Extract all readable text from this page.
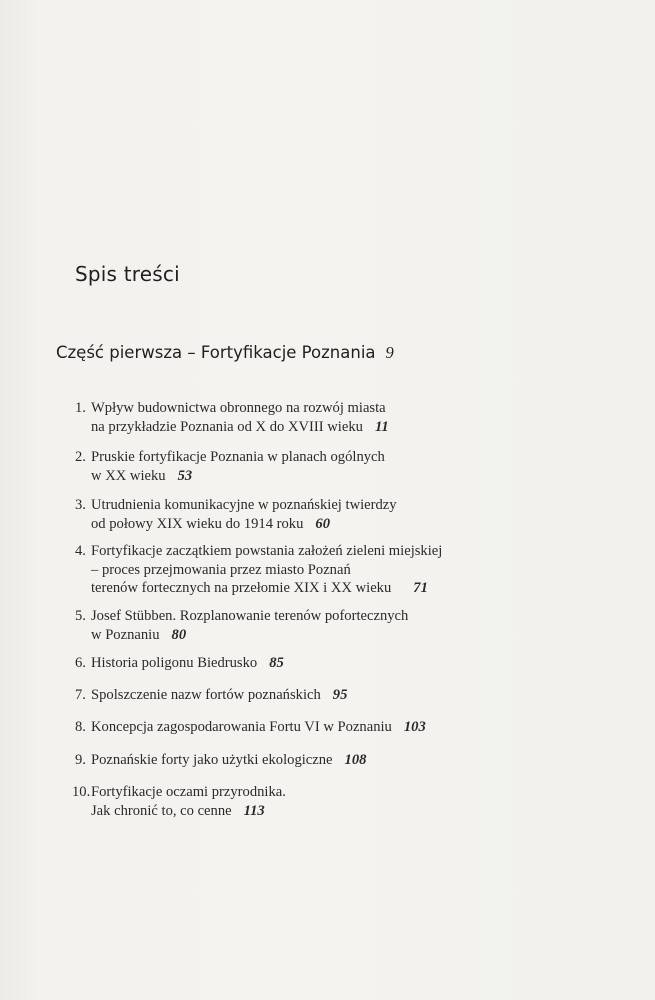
Spis treści
Część pierwsza – Fortyfikacje Poznania 9
1. Wpływ budownictwa obronnego na rozwój miasta
na przykładzie Poznania od X do XVIII wieku 11
2. Pruskie fortyfikacje Poznania w planach ogólnych
w XX wieku 53
3. Utrudnienia komunikacyjne w poznańskiej twierdzy
od połowy XIX wieku do 1914 roku 60
4. Fortyfikacje zaczątkiem powstania założeń zieleni miejskiej
– proces przejmowania przez miasto Poznań
terenów fortecznych na przełomie XIX i XX wieku 71
5. Josef Stübben. Rozplanowanie terenów pofortecznych
w Poznaniu 80
6. Historia poligonu Biedrusko 85
7. Spolszczenie nazw fortów poznańskich 95
8. Koncepcja zagospodarowania Fortu VI w Poznaniu 103
9. Poznańskie forty jako użytki ekologiczne 108
10.Fortyfikacje oczami przyrodnika.
Jak chronić to, co cenne 113
